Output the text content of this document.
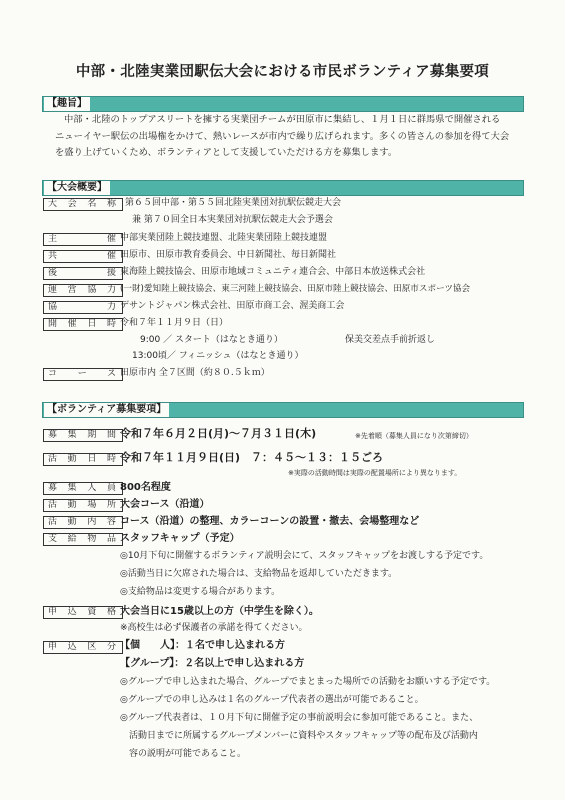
中部・北陸実業団駅伝大会における市民ボランティア募集要項
【趣旨】
中部・北陸のトップアスリートを擁する実業団チームが田原市に集結し、１月１日に群馬県で開催される
ニューイヤー駅伝の出場権をかけて、熱いレースが市内で繰り広げられます。多くの皆さんの参加を得て大会
を盛り上げていくため、ボランティアとして支援していただける方を募集します。
【大会概要】
大会名称 第６５回中部・第５５回北陸実業団対抗駅伝競走大会
兼 第７０回全日本実業団対抗駅伝競走大会予選会
主催 中部実業団陸上競技連盟、北陸実業団陸上競技連盟
共催 田原市、田原市教育委員会、中日新聞社、毎日新聞社
後援 東海陸上競技協会、田原市地域コミュニティ連合会、中部日本放送株式会社
運営協力 (一財)愛知陸上競技協会、東三河陸上競技協会、田原市陸上競技協会、田原市スポーツ協会
協力 デサントジャパン株式会社、田原市商工会、渥美商工会
開催日時 令和７年１１月９日（日）
9:00 ／ スタート（はなとき通り）	保美交差点手前折返し
13:00頃／ フィニッシュ（はなとき通り）
コース 田原市内 全７区間（約８０.５ｋｍ）
【ボランティア募集要項】
募集期間 令和７年６月２日(月)～７月３１日(木)	※先着順（募集人員になり次第締切）
活動日時 令和７年１１月９日(日)　７：４５～１３：１５ごろ
※実際の活動時間は実際の配置場所により異なります。
募集人員 800名程度
活動場所 大会コース（沿道）
活動内容 コース（沿道）の整理、カラーコーンの設置・撤去、会場整理など
支給物品 スタッフキャップ（予定）
◎10月下旬に開催するボランティア説明会にて、スタッフキャップをお渡しする予定です。
◎活動当日に欠席された場合は、支給物品を返却していただきます。
◎支給物品は変更する場合があります。
申込資格 大会当日に15歳以上の方（中学生を除く）。
※高校生は必ず保護者の承諾を得てください。
申込区分 【個　　人】：１名で申し込まれる方
【グループ】：２名以上で申し込まれる方
◎グループで申し込まれた場合、グループでまとまった場所での活動をお願いする予定です。
◎グループでの申し込みは１名のグループ代表者の選出が可能であること。
◎グループ代表者は、１０月下旬に開催予定の事前説明会に参加可能であること。また、
活動日までに所属するグループメンバーに資料やスタッフキャップ等の配布及び活動内
容の説明が可能であること。
